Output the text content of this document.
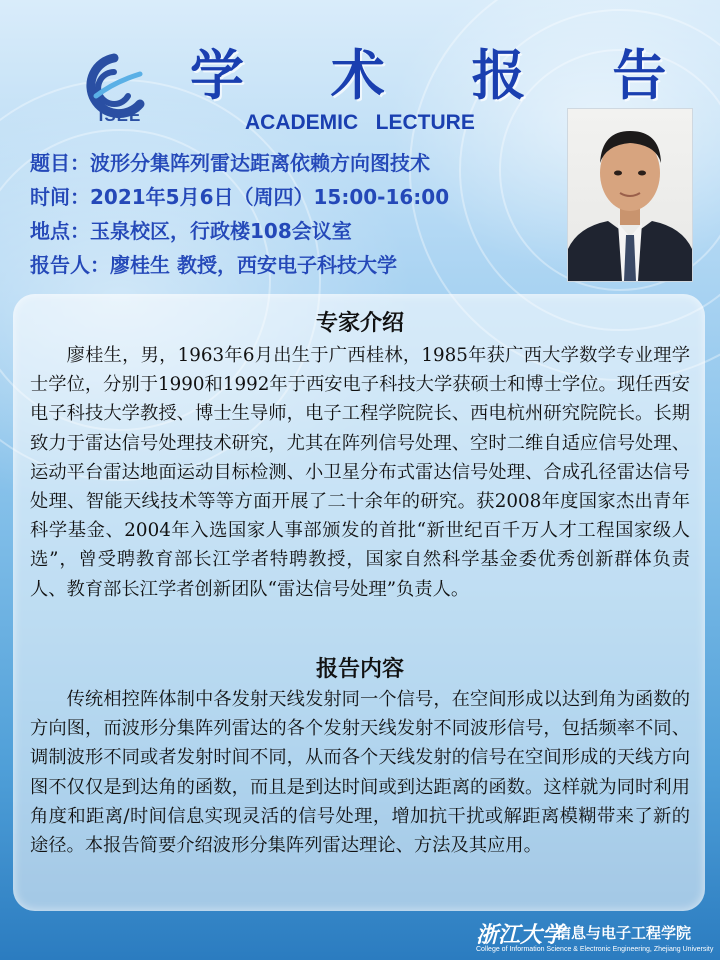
ISEE
学 术 报 告
ACADEMIC   LECTURE
题目：波形分集阵列雷达距离依赖方向图技术
时间：2021年5月6日（周四）15:00-16:00
地点：玉泉校区，行政楼108会议室
报告人：廖桂生 教授，西安电子科技大学
专家介绍
廖桂生，男，1963年6月出生于广西桂林，1985年获广西大学数学专业理学士学位，分别于1990和1992年于西安电子科技大学获硕士和博士学位。现任西安电子科技大学教授、博士生导师，电子工程学院院长、西电杭州研究院院长。长期致力于雷达信号处理技术研究，尤其在阵列信号处理、空时二维自适应信号处理、运动平台雷达地面运动目标检测、小卫星分布式雷达信号处理、合成孔径雷达信号处理、智能天线技术等等方面开展了二十余年的研究。获2008年度国家杰出青年科学基金、2004年入选国家人事部颁发的首批“新世纪百千万人才工程国家级人选”，曾受聘教育部长江学者特聘教授，国家自然科学基金委优秀创新群体负责人、教育部长江学者创新团队“雷达信号处理”负责人。
报告内容
传统相控阵体制中各发射天线发射同一个信号，在空间形成以达到角为函数的方向图，而波形分集阵列雷达的各个发射天线发射不同波形信号，包括频率不同、调制波形不同或者发射时间不同，从而各个天线发射的信号在空间形成的天线方向图不仅仅是到达角的函数，而且是到达时间或到达距离的函数。这样就为同时利用角度和距离/时间信息实现灵活的信号处理，增加抗干扰或解距离模糊带来了新的途径。本报告简要介绍波形分集阵列雷达理论、方法及其应用。
浙江大学
信息与电子工程学院
College of Information Science & Electronic Engineering, Zhejiang University
